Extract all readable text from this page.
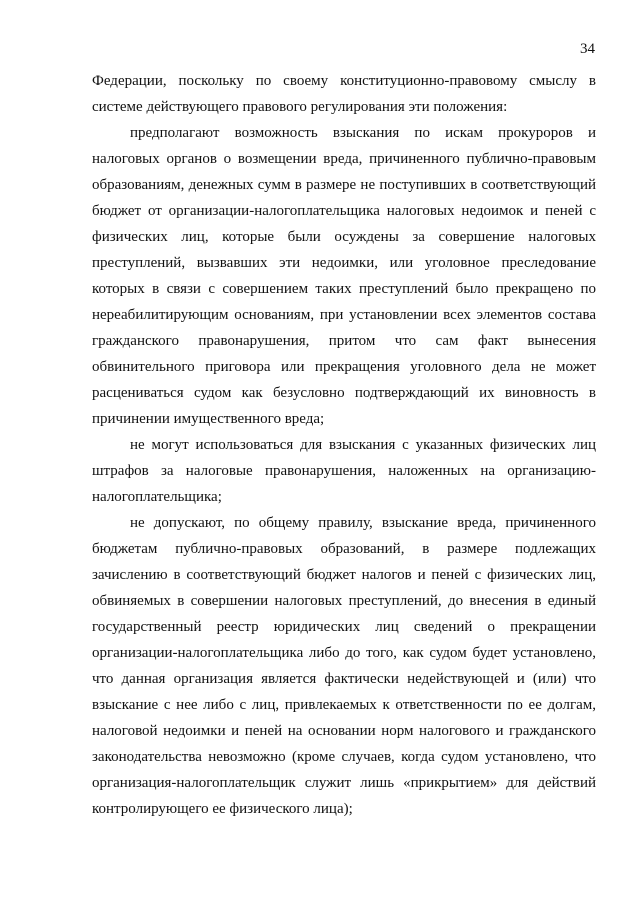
34

Федерации, поскольку по своему конституционно-правовому смыслу в системе действующего правового регулирования эти положения:

предполагают возможность взыскания по искам прокуроров и налоговых органов о возмещении вреда, причиненного публично-правовым образованиям, денежных сумм в размере не поступивших в соответствующий бюджет от организации-налогоплательщика налоговых недоимок и пеней с физических лиц, которые были осуждены за совершение налоговых преступлений, вызвавших эти недоимки, или уголовное преследование которых в связи с совершением таких преступлений было прекращено по нереабилитирующим основаниям, при установлении всех элементов состава гражданского правонарушения, притом что сам факт вынесения обвинительного приговора или прекращения уголовного дела не может расцениваться судом как безусловно подтверждающий их виновность в причинении имущественного вреда;

не могут использоваться для взыскания с указанных физических лиц штрафов за налоговые правонарушения, наложенных на организацию-налогоплательщика;

не допускают, по общему правилу, взыскание вреда, причиненного бюджетам публично-правовых образований, в размере подлежащих зачислению в соответствующий бюджет налогов и пеней с физических лиц, обвиняемых в совершении налоговых преступлений, до внесения в единый государственный реестр юридических лиц сведений о прекращении организации-налогоплательщика либо до того, как судом будет установлено, что данная организация является фактически недействующей и (или) что взыскание с нее либо с лиц, привлекаемых к ответственности по ее долгам, налоговой недоимки и пеней на основании норм налогового и гражданского законодательства невозможно (кроме случаев, когда судом установлено, что организация-налогоплательщик служит лишь «прикрытием» для действий контролирующего ее физического лица);
